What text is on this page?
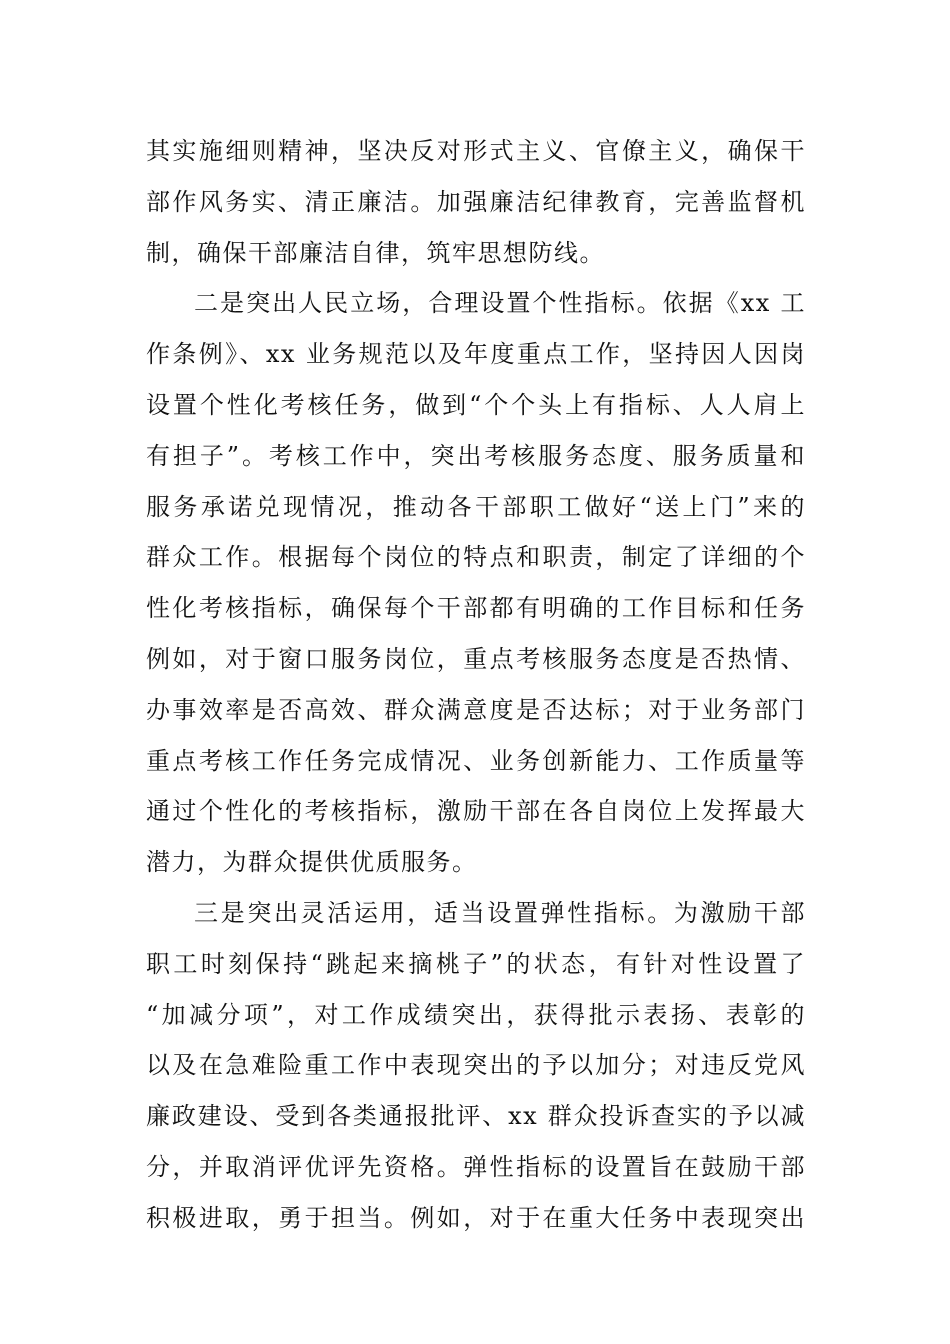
其实施细则精神，坚决反对形式主义、官僚主义，确保干
部作风务实、清正廉洁。加强廉洁纪律教育，完善监督机
制，确保干部廉洁自律，筑牢思想防线。
二是突出人民立场，合理设置个性指标。依据《xx 工
作条例》、xx 业务规范以及年度重点工作，坚持因人因岗
设置个性化考核任务，做到“个个头上有指标、人人肩上
有担子”。考核工作中，突出考核服务态度、服务质量和
服务承诺兑现情况，推动各干部职工做好“送上门”来的
群众工作。根据每个岗位的特点和职责，制定了详细的个
性化考核指标，确保每个干部都有明确的工作目标和任务
例如，对于窗口服务岗位，重点考核服务态度是否热情、
办事效率是否高效、群众满意度是否达标；对于业务部门
重点考核工作任务完成情况、业务创新能力、工作质量等
通过个性化的考核指标，激励干部在各自岗位上发挥最大
潜力，为群众提供优质服务。
三是突出灵活运用，适当设置弹性指标。为激励干部
职工时刻保持“跳起来摘桃子”的状态，有针对性设置了
“加减分项”，对工作成绩突出，获得批示表扬、表彰的
以及在急难险重工作中表现突出的予以加分；对违反党风
廉政建设、受到各类通报批评、xx 群众投诉查实的予以减
分，并取消评优评先资格。弹性指标的设置旨在鼓励干部
积极进取，勇于担当。例如，对于在重大任务中表现突出
